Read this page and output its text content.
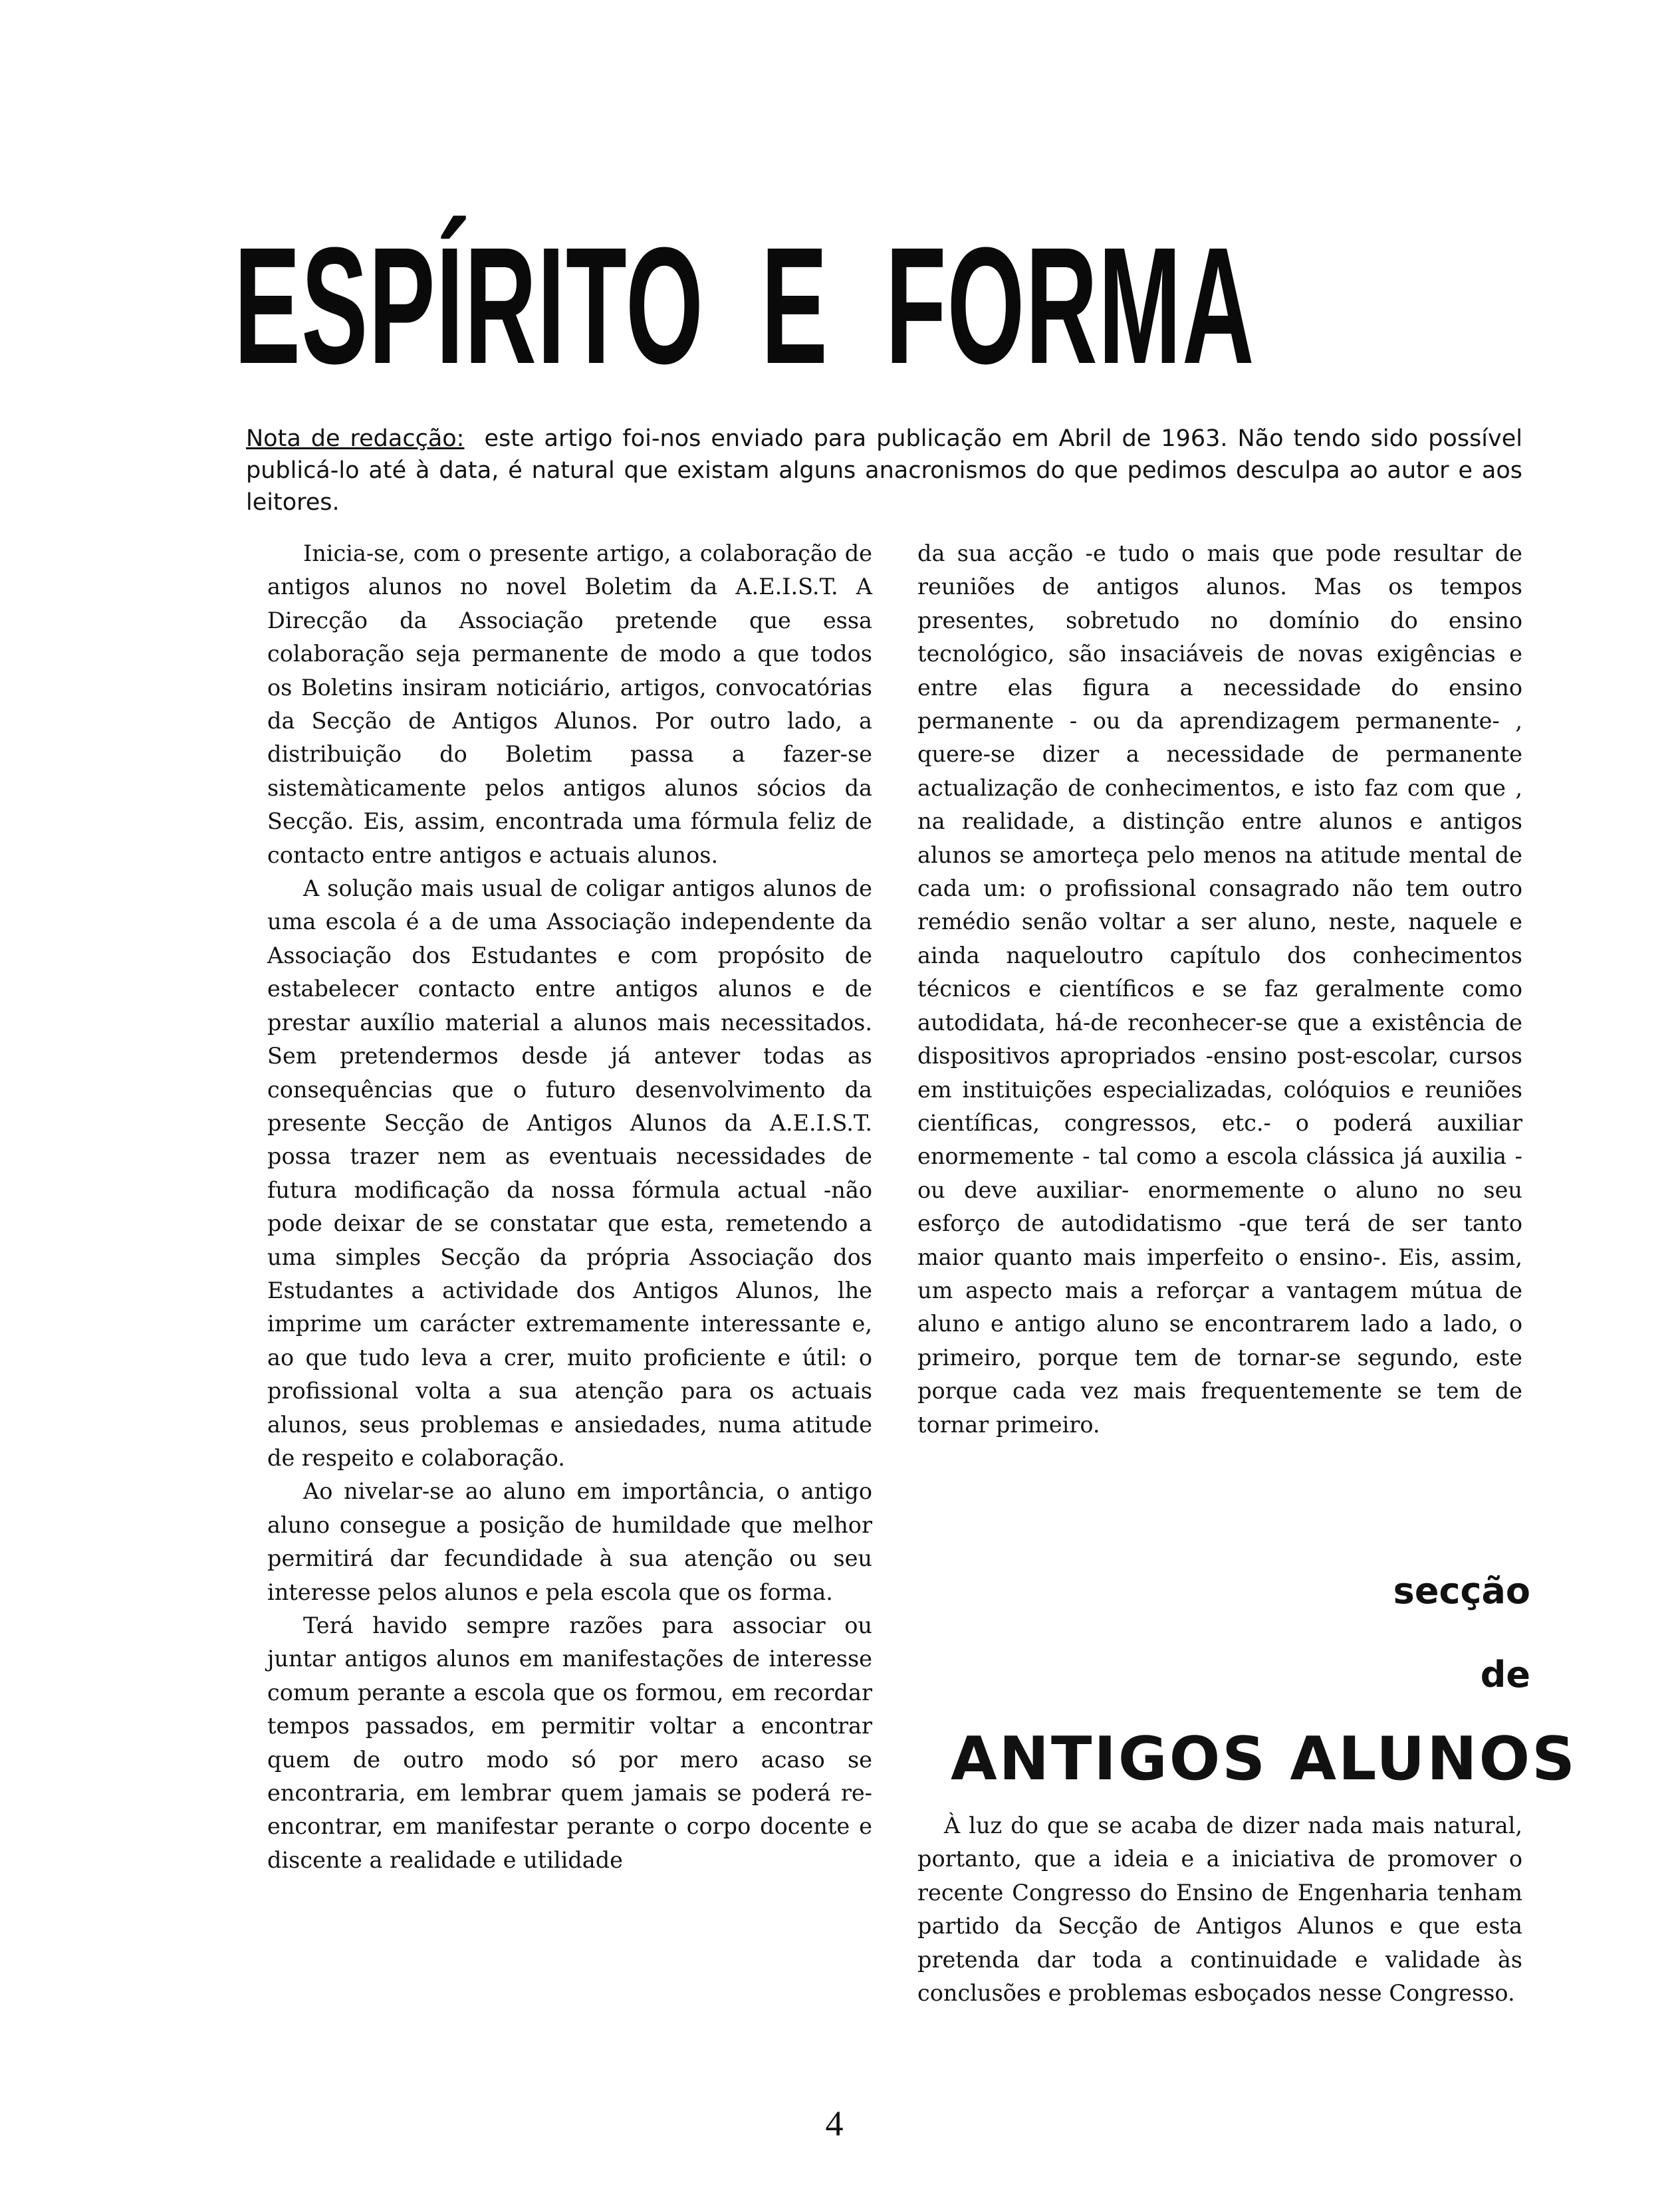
ESPÍRITO  E  FORMA
Nota de redacção: este artigo foi-nos enviado para publicação em Abril de 1963. Não tendo sido possível publicá-lo até à data, é natural que existam alguns anacronismos do que pedimos desculpa ao autor e aos leitores.

Inicia-se, com o presente artigo, a colaboração de antigos alunos no novel Boletim da A.E.I.S.T. A Direcção da Associação pretende que essa colaboração seja permanente de modo a que todos os Boletins insiram noticiário, artigos, convocatórias da Secção de Antigos Alunos. Por outro lado, a distribuição do Boletim passa a fazer-se sistemàticamente pelos antigos alunos sócios da Secção. Eis, assim, encontrada uma fórmula feliz de contacto entre antigos e actuais alunos.

A solução mais usual de coligar antigos alunos de uma escola é a de uma Associação independente da Associação dos Estudantes e com propósito de estabelecer contacto entre antigos alunos e de prestar auxílio material a alunos mais necessitados. Sem pretendermos desde já antever todas as consequências que o futuro desenvolvimento da presente Secção de Antigos Alunos da A.E.I.S.T. possa trazer nem as eventuais necessidades de futura modificação da nossa fórmula actual -não pode deixar de se constatar que esta, remetendo a uma simples Secção da própria Associação dos Estudantes a actividade dos Antigos Alunos, lhe imprime um carácter extremamente interessante e, ao que tudo leva a crer, muito proficiente e útil: o profissional volta a sua atenção para os actuais alunos, seus problemas e ansiedades, numa atitude de respeito e colaboração.

Ao nivelar-se ao aluno em importância, o antigo aluno consegue a posição de humildade que melhor permitirá dar fecundidade à sua atenção ou seu interesse pelos alunos e pela escola que os forma.

Terá havido sempre razões para associar ou juntar antigos alunos em manifestações de interesse comum perante a escola que os formou, em recordar tempos passados, em permitir voltar a encontrar quem de outro modo só por mero acaso se encontraria, em lembrar quem jamais se poderá re-encontrar, em manifestar perante o corpo docente e discente a realidade e utilidade

da sua acção -e tudo o mais que pode resultar de reuniões de antigos alunos. Mas os tempos presentes, sobretudo no domínio do ensino tecnológico, são insaciáveis de novas exigências e entre elas figura a necessidade do ensino permanente - ou da aprendizagem permanente- , quere-se dizer a necessidade de permanente actualização de conhecimentos, e isto faz com que , na realidade, a distinção entre alunos e antigos alunos se amorteça pelo menos na atitude mental de cada um: o profissional consagrado não tem outro remédio senão voltar a ser aluno, neste, naquele e ainda naqueloutro capítulo dos conhecimentos técnicos e científicos e se faz geralmente como autodidata, há-de reconhecer-se que a existência de dispositivos apropriados -ensino post-escolar, cursos em instituições especializadas, colóquios e reuniões científicas, congressos, etc.- o poderá auxiliar enormemente - tal como a escola clássica já auxilia -ou deve auxiliar- enormemente o aluno no seu esforço de autodidatismo -que terá de ser tanto maior quanto mais imperfeito o ensino-. Eis, assim, um aspecto mais a reforçar a vantagem mútua de aluno e antigo aluno se encontrarem lado a lado, o primeiro, porque tem de tornar-se segundo, este porque cada vez mais frequentemente se tem de tornar primeiro.

secção
de
ANTIGOS ALUNOS

À luz do que se acaba de dizer nada mais natural, portanto, que a ideia e a iniciativa de promover o recente Congresso do Ensino de Engenharia tenham partido da Secção de Antigos Alunos e que esta pretenda dar toda a continuidade e validade às conclusões e problemas esboçados nesse Congresso.

4
